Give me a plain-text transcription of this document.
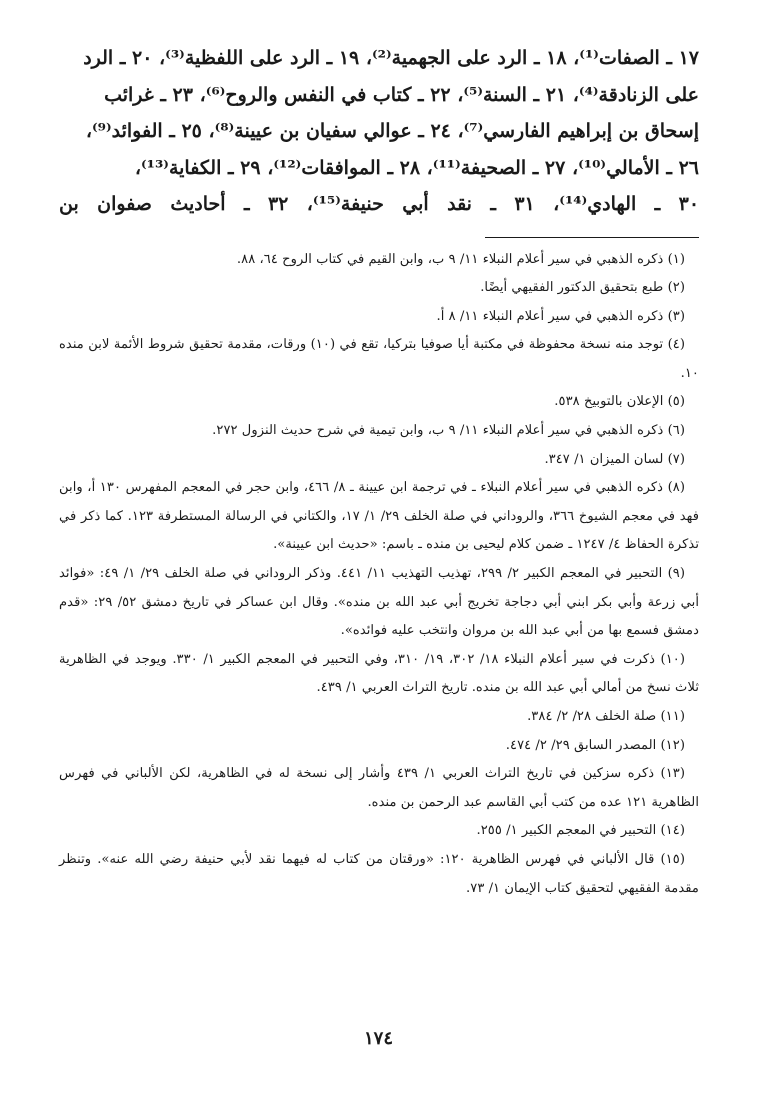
١٧ ـ الصفات⁽¹⁾، ١٨ ـ الرد على الجهمية⁽²⁾، ١٩ ـ الرد على اللفظية⁽³⁾، ٢٠ ـ الرد

على الزنادقة⁽⁴⁾، ٢١ ـ السنة⁽⁵⁾، ٢٢ ـ كتاب في النفس والروح⁽⁶⁾، ٢٣ ـ غرائب

إسحاق بن إبراهيم الفارسي⁽⁷⁾، ٢٤ ـ عوالي سفيان بن عيينة⁽⁸⁾، ٢٥ ـ الفوائد⁽⁹⁾،

٢٦ ـ الأمالي⁽¹⁰⁾، ٢٧ ـ الصحيفة⁽¹¹⁾، ٢٨ ـ الموافقات⁽¹²⁾، ٢٩ ـ الكفاية⁽¹³⁾،

٣٠ ـ الهادي⁽¹⁴⁾، ٣١ ـ نقد أبي حنيفة⁽¹⁵⁾، ٣٢ ـ أحاديث صفوان بن

(١) ذكره الذهبي في سير أعلام النبلاء ١١/ ٩ ب، وابن القيم في كتاب الروح ٦٤، ٨٨.

(٢) طبع بتحقيق الدكتور الفقيهي أيضًا.

(٣) ذكره الذهبي في سير أعلام النبلاء ١١/ ٨ أ.

(٤) توجد منه نسخة محفوظة في مكتبة أيا صوفيا بتركيا، تقع في (١٠) ورقات، مقدمة تحقيق شروط الأئمة لابن منده ١٠.

(٥) الإعلان بالتوبيخ ٥٣٨.

(٦) ذكره الذهبي في سير أعلام النبلاء ١١/ ٩ ب، وابن تيمية في شرح حديث النزول ٢٧٢.

(٧) لسان الميزان ١/ ٣٤٧.

(٨) ذكره الذهبي في سير أعلام النبلاء ـ في ترجمة ابن عيينة ـ ٨/ ٤٦٦، وابن حجر في المعجم المفهرس ١٣٠ أ، وابن فهد في معجم الشيوخ ٣٦٦، والروداني في صلة الخلف ٢٩/ ١/ ١٧، والكتاني في الرسالة المستطرفة ١٢٣. كما ذكر في تذكرة الحفاظ ٤/ ١٢٤٧ ـ ضمن كلام ليحيى بن منده ـ باسم: «حديث ابن عيينة».

(٩) التحبير في المعجم الكبير ٢/ ٢٩٩، تهذيب التهذيب ١١/ ٤٤١. وذكر الروداني في صلة الخلف ٢٩/ ١/ ٤٩: «فوائد أبي زرعة وأبي بكر ابني أبي دجاجة تخريج أبي عبد الله بن منده». وقال ابن عساكر في تاريخ دمشق ٥٢/ ٢٩: «قدم دمشق فسمع بها من أبي عبد الله بن مروان وانتخب عليه فوائده».

(١٠) ذكرت في سير أعلام النبلاء ١٨/ ٣٠٢، ١٩/ ٣١٠، وفي التحبير في المعجم الكبير ١/ ٣٣٠. ويوجد في الظاهرية ثلاث نسخ من أمالي أبي عبد الله بن منده. تاريخ التراث العربي ١/ ٤٣٩.

(١١) صلة الخلف ٢٨/ ٢/ ٣٨٤.

(١٢) المصدر السابق ٢٩/ ٢/ ٤٧٤.

(١٣) ذكره سزكين في تاريخ التراث العربي ١/ ٤٣٩ وأشار إلى نسخة له في الظاهرية، لكن الألباني في فهرس الظاهرية ١٢١ عده من كتب أبي القاسم عبد الرحمن بن منده.

(١٤) التحبير في المعجم الكبير ١/ ٢٥٥.

(١٥) قال الألباني في فهرس الظاهرية ١٢٠: «ورقتان من كتاب له فيهما نقد لأبي حنيفة رضي الله عنه». وتنظر مقدمة الفقيهي لتحقيق كتاب الإيمان ١/ ٧٣.

١٧٤
